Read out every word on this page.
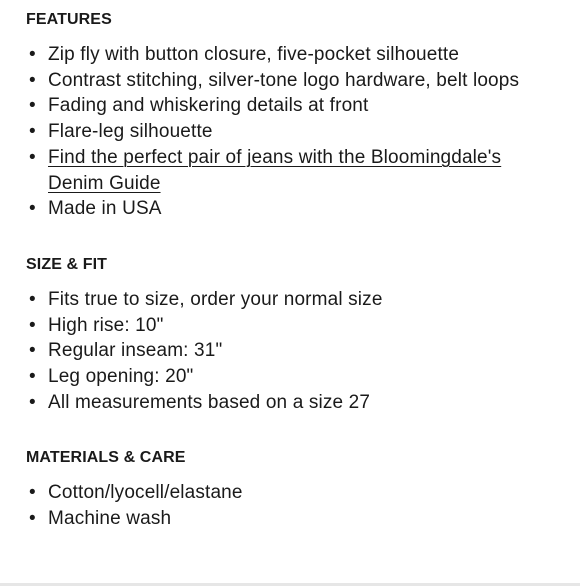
FEATURES
• Zip fly with button closure, five-pocket silhouette
• Contrast stitching, silver-tone logo hardware, belt loops
• Fading and whiskering details at front
• Flare-leg silhouette
• Find the perfect pair of jeans with the Bloomingdale's Denim Guide
• Made in USA
SIZE & FIT
• Fits true to size, order your normal size
• High rise: 10"
• Regular inseam: 31"
• Leg opening: 20"
• All measurements based on a size 27
MATERIALS & CARE
• Cotton/lyocell/elastane
• Machine wash
